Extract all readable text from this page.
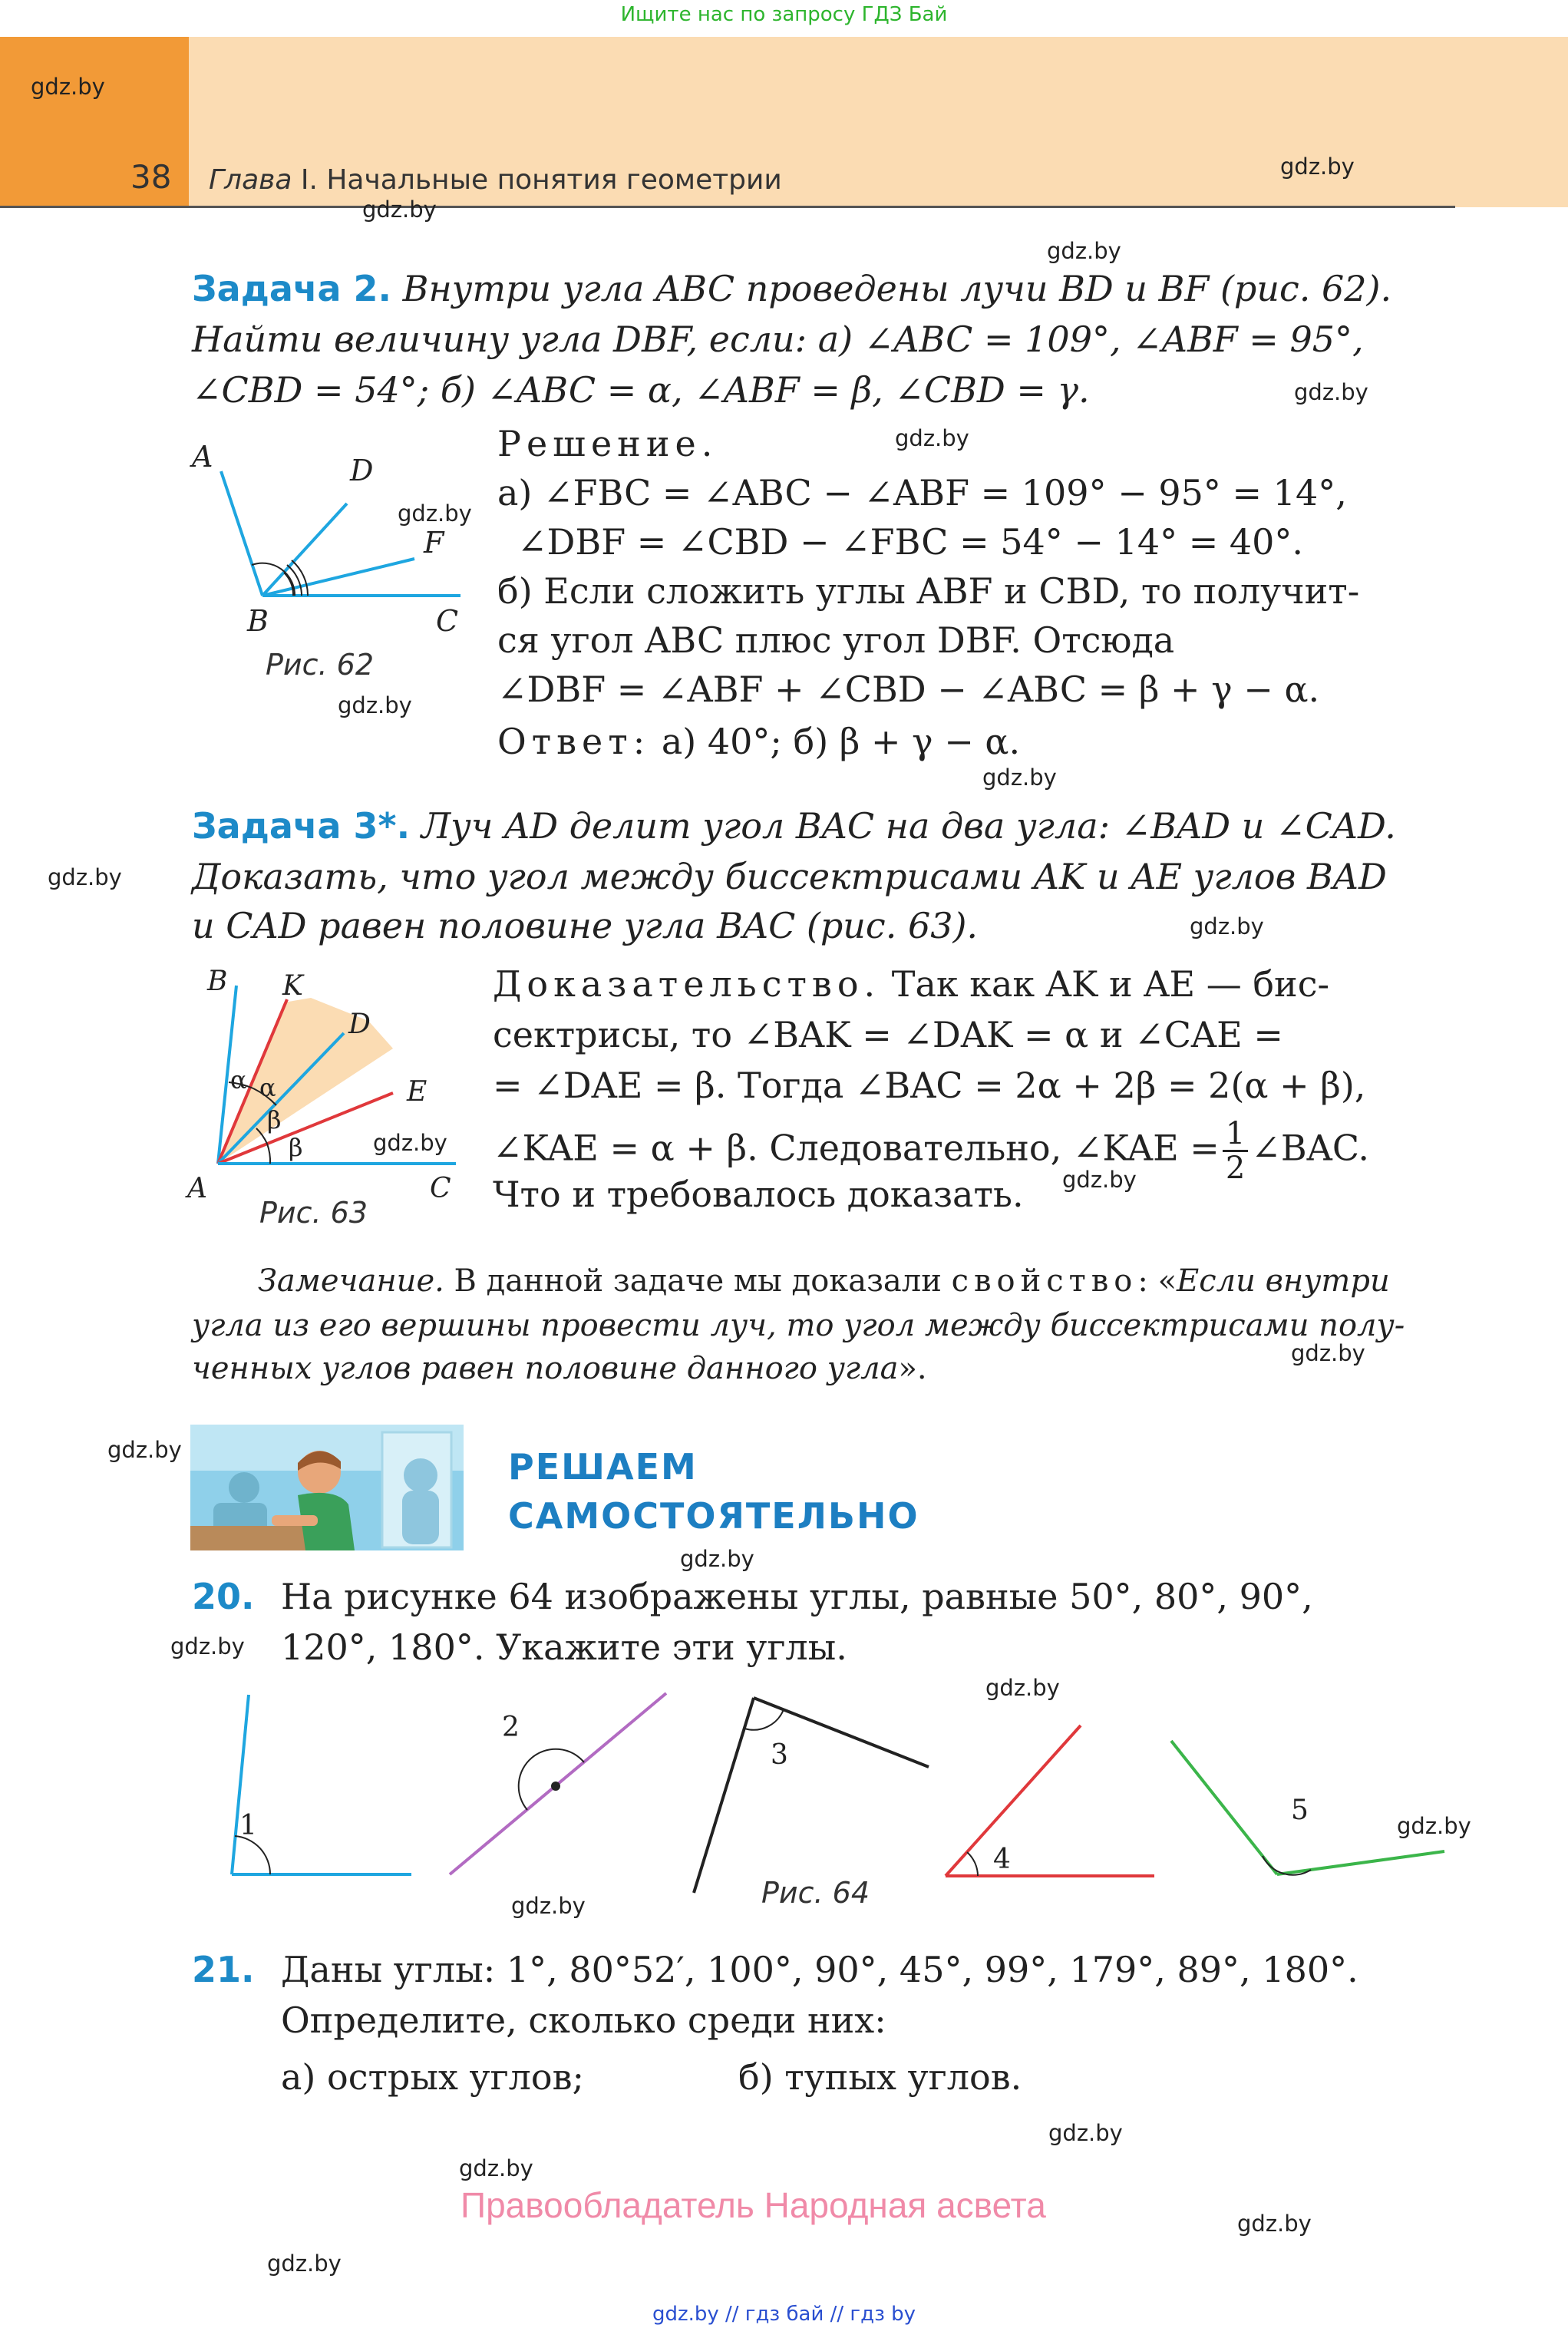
Ищите нас по запросу ГДЗ Бай
38 Глава I. Начальные понятия геометрии
gdz.by
gdz.by
gdz.by
gdz.by
gdz.by
gdz.by
gdz.by
gdz.by
gdz.by
gdz.by
gdz.by
gdz.by
gdz.by
gdz.by
gdz.by
gdz.by
gdz.by
gdz.by
gdz.by
gdz.by
gdz.by
gdz.by
gdz.by
gdz.by
Задача 2. Внутри угла ABC проведены лучи BD и BF (рис. 62).
Найти величину угла DBF, если: а) ∠ABC = 109°, ∠ABF = 95°,
∠CBD = 54°; б) ∠ABC = α, ∠ABF = β, ∠CBD = γ.
Решение.
а) ∠FBC = ∠ABC − ∠ABF = 109° − 95° = 14°,
∠DBF = ∠CBD − ∠FBC = 54° − 14° = 40°.
б) Если сложить углы ABF и CBD, то получит-
ся угол ABC плюс угол DBF. Отсюда
∠DBF = ∠ABF + ∠CBD − ∠ABC = β + γ − α.
Ответ: а) 40°; б) β + γ − α.
A	D
F
B	C
Рис. 62
Задача 3*. Луч AD делит угол BAC на два угла: ∠BAD и ∠CAD.
Доказать, что угол между биссектрисами AK и AE углов BAD
и CAD равен половине угла BAC (рис. 63).
Доказательство. Так как AK и AE — бис-
сектрисы, то ∠BAK = ∠DAK = α и ∠CAE =
= ∠DAE = β. Тогда ∠BAC = 2α + 2β = 2(α + β),
∠KAE = α + β. Следовательно, ∠KAE = $\frac{1}{2}$ ∠BAC.
Что и требовалось доказать.
B K
D
E
A	C
α α
β
β
Рис. 63
Замечание. В данной задаче мы доказали свойство: «Если внутри
угла из его вершины провести луч, то угол между биссектрисами полу-
ченных углов равен половине данного угла».
РЕШАЕМ
САМОСТОЯТЕЛЬНО
20. На рисунке 64 изображены углы, равные 50°, 80°, 90°,
120°, 180°. Укажите эти углы.
1
2
3
4
5
Рис. 64
21. Даны углы: 1°, 80°52′, 100°, 90°, 45°, 99°, 179°, 89°, 180°.
Определите, сколько среди них:
а) острых углов;	б) тупых углов.
Правообладатель Народная асвета
gdz.by // гдз бай // гдз by
